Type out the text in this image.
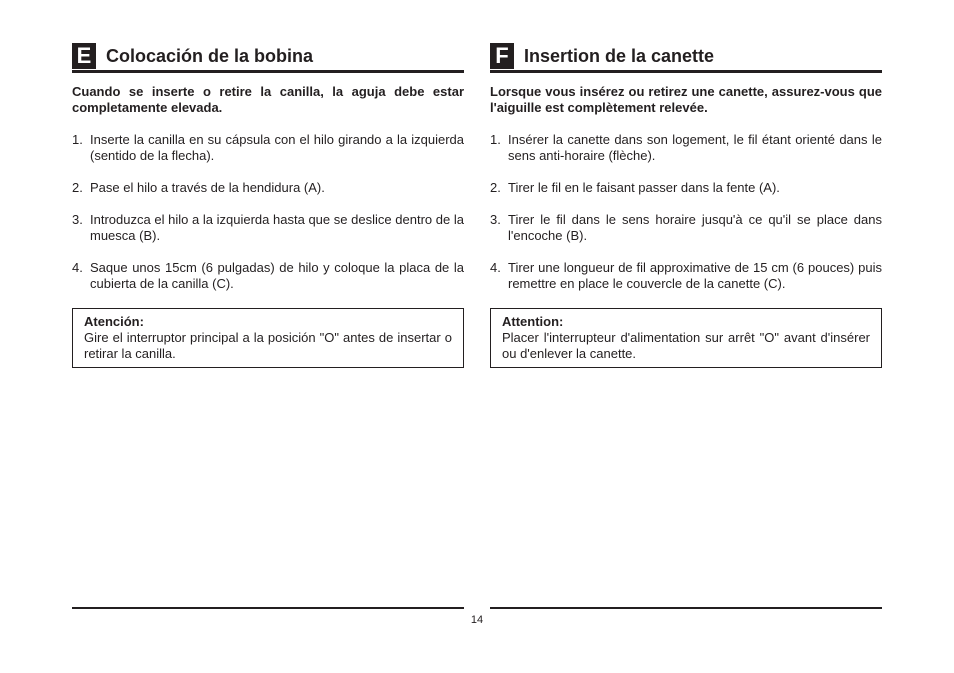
E Colocación de la bobina
Cuando se inserte o retire la canilla, la aguja debe estar completamente elevada.
1. Inserte la canilla en su cápsula con el hilo girando a la izquierda (sentido de la flecha).
2. Pase el hilo a través de la hendidura (A).
3. Introduzca el hilo a la izquierda hasta que se deslice dentro de la muesca (B).
4. Saque unos 15cm (6 pulgadas) de hilo y coloque la placa de la cubierta de la canilla (C).
Atención:
Gire el interruptor principal a la posición "O" antes de insertar o retirar la canilla.
F Insertion de la canette
Lorsque vous insérez ou retirez une canette, assurez-vous que l'aiguille est complètement relevée.
1. Insérer la canette dans son logement, le fil étant orienté dans le sens anti-horaire (flèche).
2. Tirer le fil en le faisant passer dans la fente (A).
3. Tirer le fil dans le sens horaire jusqu'à ce qu'il se place dans l'encoche (B).
4. Tirer une longueur de fil approximative de 15 cm (6 pouces) puis remettre en place le couvercle de la canette (C).
Attention:
Placer l'interrupteur d'alimentation sur arrêt "O" avant d'insérer ou d'enlever la canette.
14
